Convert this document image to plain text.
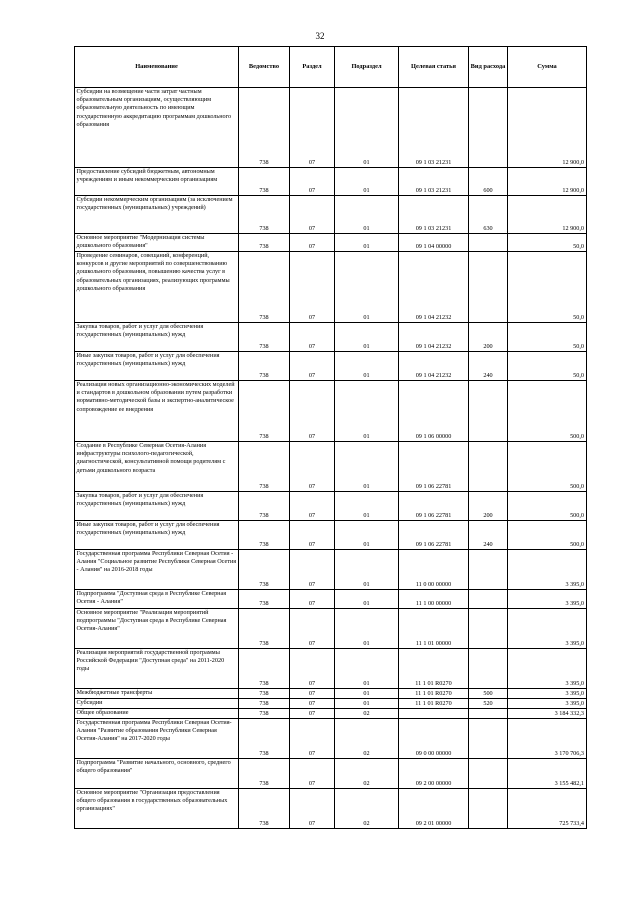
32
Наименование	Ведомство	Раздел	Подраздел	Целевая статья	Вид расхода	Сумма
Субсидии на возмещение части затрат частным образовательным организациям, осуществляющим образовательную деятельность по имеющим государственную аккредитацию программам дошкольного образования	738	07	01	09 1 03 21231		12 900,0
Предоставление субсидий бюджетным, автономным учреждениям и иным некоммерческим организациям	738	07	01	09 1 03 21231	600	12 900,0
Субсидии некоммерческим организациям (за исключением государственных (муниципальных) учреждений)	738	07	01	09 1 03 21231	630	12 900,0
Основное мероприятие "Модернизация системы дошкольного образования"	738	07	01	09 1 04 00000		50,0
Проведение семинаров, совещаний, конференций, конкурсов и другие мероприятий по совершенствованию дошкольного образования, повышению качества услуг в образовательных организациях, реализующих программы дошкольного образования	738	07	01	09 1 04 21232		50,0
Закупка товаров, работ и услуг для обеспечения государственных (муниципальных) нужд	738	07	01	09 1 04 21232	200	50,0
Иные закупки товаров, работ и услуг для обеспечения государственных (муниципальных) нужд	738	07	01	09 1 04 21232	240	50,0
Реализация новых организационно-экономических моделей и стандартов в дошкольном образовании путем разработки нормативно-методической базы и экспертно-аналитическое сопровождение ее внедрения	738	07	01	09 1 06 00000		500,0
Создание в Республике Северная Осетия-Алания инфраструктуры психолого-педагогической, диагностической, консультативной помощи родителям с детьми дошкольного возраста	738	07	01	09 1 06 22781		500,0
Закупка товаров, работ и услуг для обеспечения государственных (муниципальных) нужд	738	07	01	09 1 06 22781	200	500,0
Иные закупки товаров, работ и услуг для обеспечения государственных (муниципальных) нужд	738	07	01	09 1 06 22781	240	500,0
Государственная программа Республики Северная Осетия - Алания "Социальное развитие Республики Северная Осетия - Алания" на 2016-2018 годы	738	07	01	11 0 00 00000		3 395,0
Подпрограмма "Доступная среда в Республике Северная Осетия - Алания"	738	07	01	11 1 00 00000		3 395,0
Основное мероприятие "Реализация мероприятий подпрограммы "Доступная среда в Республике Северная Осетия-Алания"	738	07	01	11 1 01 00000		3 395,0
Реализация мероприятий государственной программы Российской Федерации "Доступная среда" на 2011-2020 годы	738	07	01	11 1 01 R0270		3 395,0
Межбюджетные трансферты	738	07	01	11 1 01 R0270	500	3 395,0
Субсидии	738	07	01	11 1 01 R0270	520	3 395,0
Общее образование	738	07	02			3 184 332,3
Государственная программа Республики Северная Осетия-Алания "Развитие образования Республики Северная Осетия-Алания" на 2017-2020 годы	738	07	02	09 0 00 00000		3 170 706,3
Подпрограмма "Развитие начального, основного, среднего общего образования"	738	07	02	09 2 00 00000		3 155 482,1
Основное мероприятие "Организация предоставления общего образования в государственных образовательных организациях"	738	07	02	09 2 01 00000		725 733,4
